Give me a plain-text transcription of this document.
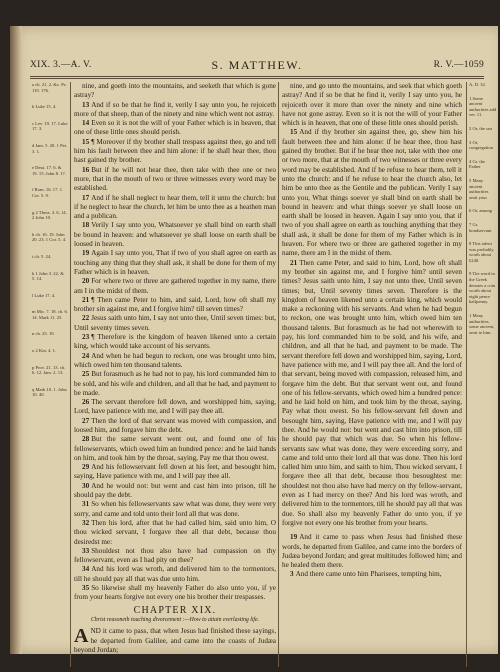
XIX. 3.—A. V.	S. MATTHEW.	R. V.—1059

a ch. 21. 2. &c. Ps. 119. 176.

b Luke 15. 4.

c Lev. 19. 17. Luke 17. 3.

d Jam. 5. 20. 1 Pet. 3. 1.

e Deut. 17. 6. & 19. 15. John 8. 17.

f Rom. 16. 17. 1 Cor. 5. 9.

g 2 Thess. 3. 6, 14. 2 John 10.

h ch. 16. 19. John 20. 23. 1 Cor. 5. 4.

i ch. 5. 24.

k 1 John 3. 22. & 5. 14.

l Luke 17. 4.

m Mic. 7. 18. ch. 6. 14. Mark 11. 25.

n ch. 25. 19.

o 2 Kin. 4. 1.

p Prov. 21. 13. ch. 6. 12. Jam. 2. 13.

q Mark 10. 1. John 10. 40.

nine, and goeth into the mountains, and seeketh that which is gone astray?

13 And if so be that he find it, verily I say unto you, he rejoiceth more of that sheep, than of the ninety and nine which went not astray.

14 Even so it is not the will of your Father which is in heaven, that one of these little ones should perish.

15 ¶ Moreover if thy brother shall trespass against thee, go and tell him his fault between thee and him alone: if he shall hear thee, thou hast gained thy brother.

16 But if he will not hear thee, then take with thee one or two more, that in the mouth of two or three witnesses every word may be established.

17 And if he shall neglect to hear them, tell it unto the church: but if he neglect to hear the church, let him be unto thee as a heathen man and a publican.

18 Verily I say unto you, Whatsoever ye shall bind on earth shall be bound in heaven: and whatsoever ye shall loose on earth shall be loosed in heaven.

19 Again I say unto you, That if two of you shall agree on earth as touching any thing that they shall ask, it shall be done for them of my Father which is in heaven.

20 For where two or three are gathered together in my name, there am I in the midst of them.

21 ¶ Then came Peter to him, and said, Lord, how oft shall my brother sin against me, and I forgive him? till seven times?

22 Jesus saith unto him, I say not unto thee, Until seven times: but, Until seventy times seven.

23 ¶ Therefore is the kingdom of heaven likened unto a certain king, which would take account of his servants.

24 And when he had begun to reckon, one was brought unto him, which owed him ten thousand talents.

25 But forasmuch as he had not to pay, his lord commanded him to be sold, and his wife and children, and all that he had, and payment to be made.

26 The servant therefore fell down, and worshipped him, saying, Lord, have patience with me, and I will pay thee all.

27 Then the lord of that servant was moved with compassion, and loosed him, and forgave him the debt.

28 But the same servant went out, and found one of his fellowservants, which owed him an hundred pence: and he laid hands on him, and took him by the throat, saying, Pay me that thou owest.

29 And his fellowservant fell down at his feet, and besought him, saying, Have patience with me, and I will pay thee all.

30 And he would not: but went and cast him into prison, till he should pay the debt.

31 So when his fellowservants saw what was done, they were very sorry, and came and told unto their lord all that was done.

32 Then his lord, after that he had called him, said unto him, O thou wicked servant, I forgave thee all that debt, because thou desiredst me:

33 Shouldest not thou also have had compassion on thy fellowservant, even as I had pity on thee?

34 And his lord was wroth, and delivered him to the tormentors, till he should pay all that was due unto him.

35 So likewise shall my heavenly Father do also unto you, if ye from your hearts forgive not every one his brother their trespasses.

CHAPTER XIX.
Christ reasoneth touching divorcement :—How to attain everlasting life.

AND it came to pass, that when Jesus had finished these sayings, he departed from Galilee, and came into the coasts of Judæa beyond Jordan;

2 And great multitudes followed him; and he healed them there.

3 ¶ The Pharisees also came unto him, tempting him,

nine, and go unto the mountains, and seek that which goeth astray? And if so be that he find it, verily I say unto you, he rejoiceth over it more than over the ninety and nine which have not gone astray. Even so it is not the will of your Father which is in heaven, that one of these little ones should perish.

15 And if thy brother sin against thee, go, shew him his fault between thee and him alone: if he hear thee, thou hast gained thy brother. But if he hear thee not, take with thee one or two more, that at the mouth of two witnesses or three every word may be established. And if he refuse to hear them, tell it unto the church: and if he refuse to hear the church also, let him be unto thee as the Gentile and the publican. Verily I say unto you, What things soever ye shall bind on earth shall be bound in heaven: and what things soever ye shall loose on earth shall be loosed in heaven. Again I say unto you, that if two of you shall agree on earth as touching anything that they shall ask, it shall be done for them of my Father which is in heaven. For where two or three are gathered together in my name, there am I in the midst of them.

21 Then came Peter, and said to him, Lord, how oft shall my brother sin against me, and I forgive him? until seven times? Jesus saith unto him, I say not unto thee, Until seven times; but, Until seventy times seven. Therefore is the kingdom of heaven likened unto a certain king, which would make a reckoning with his servants. And when he had begun to reckon, one was brought unto him, which owed him ten thousand talents. But forasmuch as he had not wherewith to pay, his lord commanded him to be sold, and his wife, and children, and all that he had, and payment to be made. The servant therefore fell down and worshipped him, saying, Lord, have patience with me, and I will pay thee all. And the lord of that servant, being moved with compassion, released him, and forgave him the debt. But that servant went out, and found one of his fellow-servants, which owed him a hundred pence: and he laid hold on him, and took him by the throat, saying, Pay what thou owest. So his fellow-servant fell down and besought him, saying, Have patience with me, and I will pay thee. And he would not: but went and cast him into prison, till he should pay that which was due. So when his fellow-servants saw what was done, they were exceeding sorry, and came and told unto their lord all that was done. Then his lord called him unto him, and saith to him, Thou wicked servant, I forgave thee all that debt, because thou besoughtest me: shouldest not thou also have had mercy on thy fellow-servant, even as I had mercy on thee? And his lord was wroth, and delivered him to the tormentors, till he should pay all that was due. So shall also my heavenly Father do unto you, if ye forgive not every one his brother from your hearts.

19 And it came to pass when Jesus had finished these words, he departed from Galilee, and came into the borders of Judæa beyond Jordan; and great multitudes followed him; and he healed them there.

3 And there came unto him Pharisees, tempting him,

A. D. 32.

1 Some ancient authorities add ver. 11.

2 Or, the sea

3 Or, congregation

4 Gr. the Father

5 Many ancient authorities omit your

6 Or, among

7 Gr. bondservant

8 This talent was probably worth about £240.

9 The word in the Greek denotes a coin worth about eight pence halfpenny.

1 Many authorities, some ancient, omit to him.
